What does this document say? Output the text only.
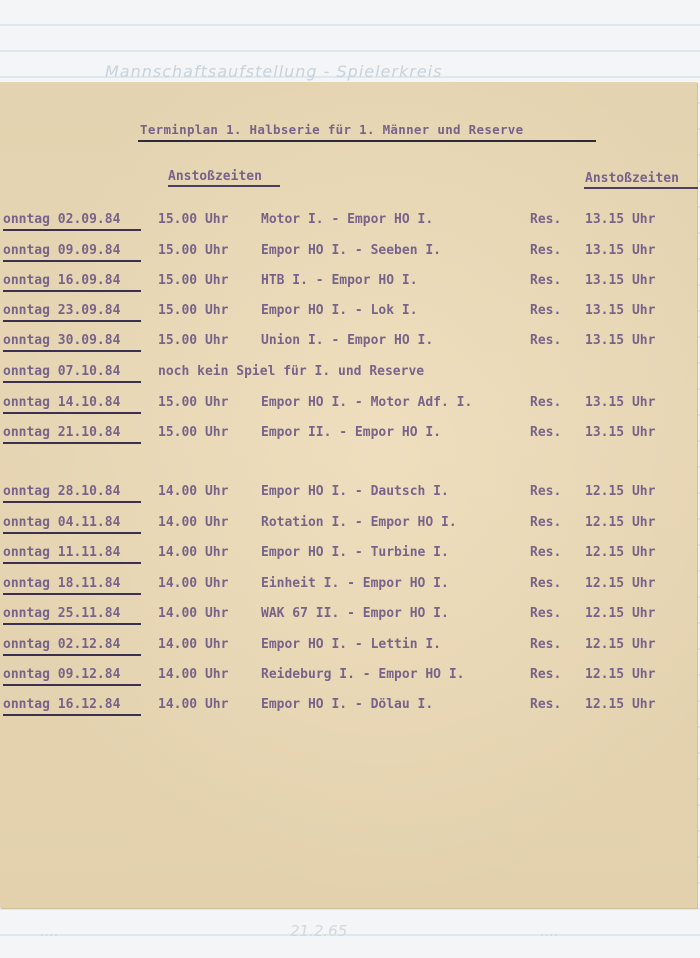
Mannschaftsaufstellung - Spielerkreis
....	21.2.65	....
Terminplan 1. Halbserie für 1. Männer und Reserve
Anstoßzeiten	Anstoßzeiten
onntag 02.09.84	15.00 Uhr	Motor I. - Empor HO I.	Res. 13.15 Uhr
onntag 09.09.84	15.00 Uhr	Empor HO I. - Seeben I.	Res. 13.15 Uhr
onntag 16.09.84	15.00 Uhr	HTB I. - Empor HO I.	Res. 13.15 Uhr
onntag 23.09.84	15.00 Uhr	Empor HO I. - Lok I.	Res. 13.15 Uhr
onntag 30.09.84	15.00 Uhr	Union I. - Empor HO I.	Res. 13.15 Uhr
onntag 07.10.84	noch kein Spiel für I. und Reserve
onntag 14.10.84	15.00 Uhr	Empor HO I. - Motor Adf. I.	Res. 13.15 Uhr
onntag 21.10.84	15.00 Uhr	Empor II. - Empor HO I.	Res. 13.15 Uhr
onntag 28.10.84	14.00 Uhr	Empor HO I. - Dautsch I.	Res. 12.15 Uhr
onntag 04.11.84	14.00 Uhr	Rotation I. - Empor HO I.	Res. 12.15 Uhr
onntag 11.11.84	14.00 Uhr	Empor HO I. - Turbine I.	Res. 12.15 Uhr
onntag 18.11.84	14.00 Uhr	Einheit I. - Empor HO I.	Res. 12.15 Uhr
onntag 25.11.84	14.00 Uhr	WAK 67 II. - Empor HO I.	Res. 12.15 Uhr
onntag 02.12.84	14.00 Uhr	Empor HO I. - Lettin I.	Res. 12.15 Uhr
onntag 09.12.84	14.00 Uhr	Reideburg I. - Empor HO I.	Res. 12.15 Uhr
onntag 16.12.84	14.00 Uhr	Empor HO I. - Dölau I.	Res. 12.15 Uhr
